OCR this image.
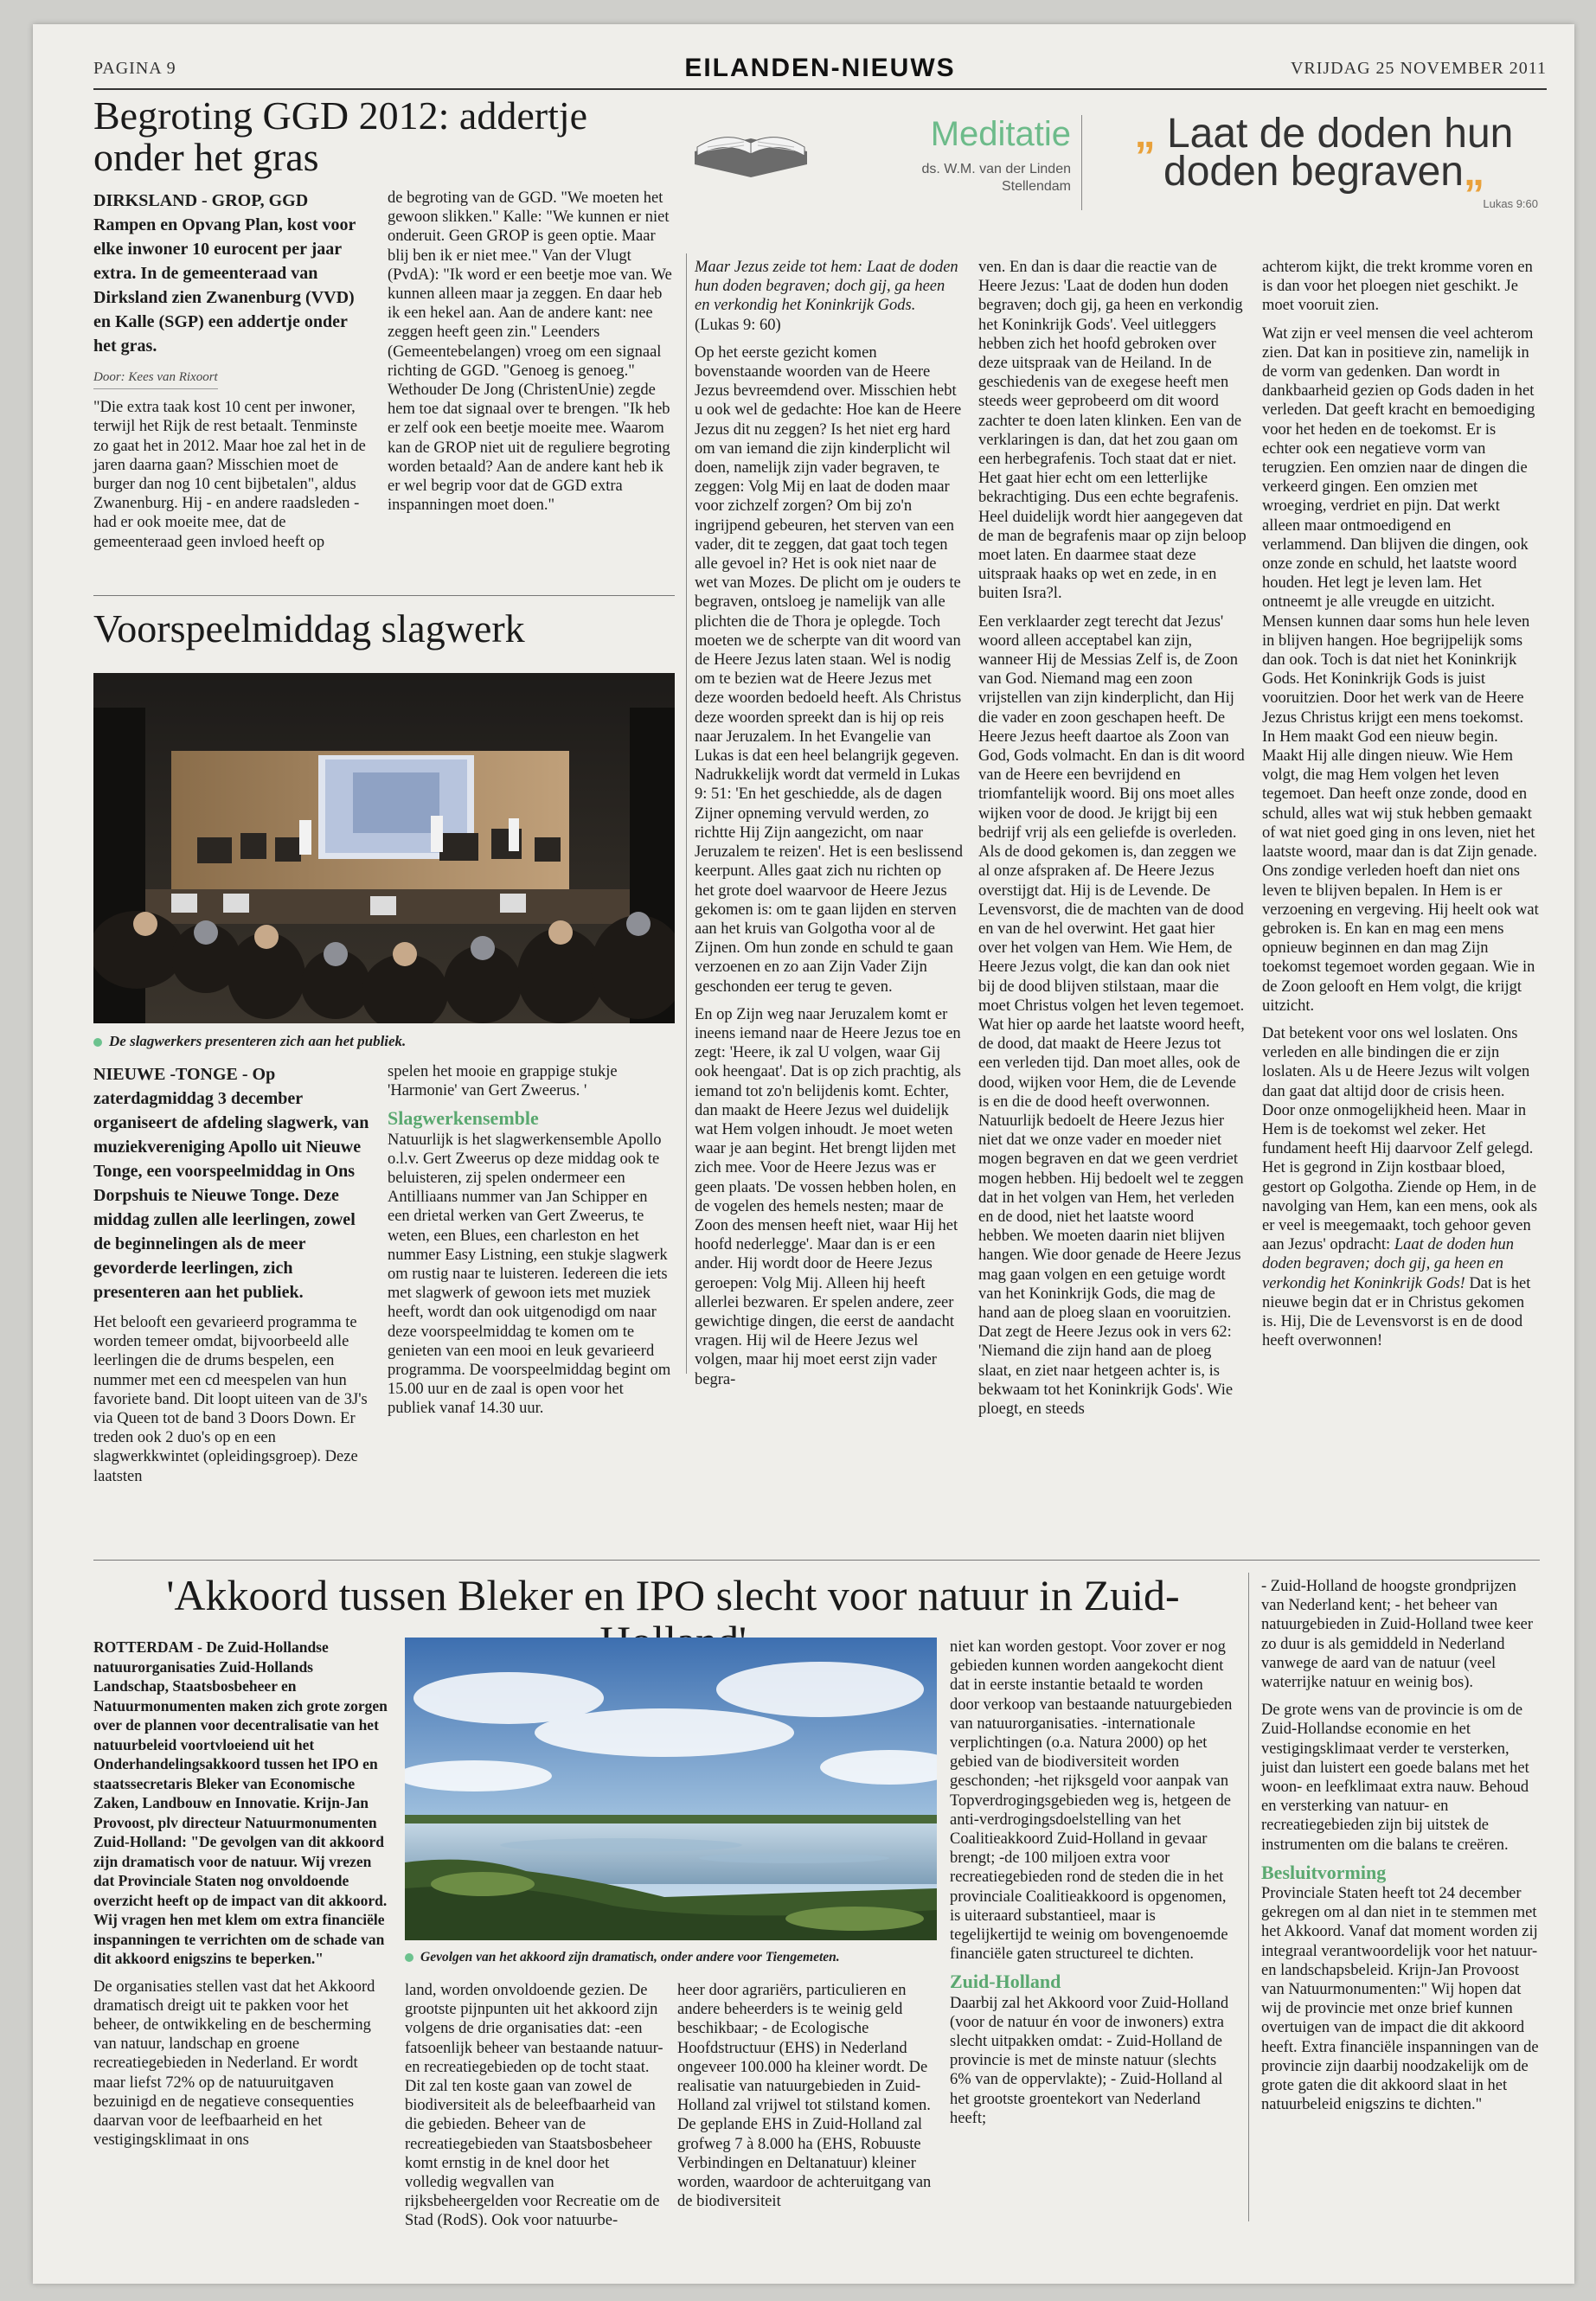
PAGINA 9	EILANDEN-NIEUWS	VRIJDAG 25 NOVEMBER 2011
Begroting GGD 2012: addertje onder het gras

DIRKSLAND - GROP, GGD Rampen en Opvang Plan, kost voor elke inwoner 10 eurocent per jaar extra. In de gemeenteraad van Dirksland zien Zwanenburg (VVD) en Kalle (SGP) een addertje onder het gras.

Door: Kees van Rixoort

"Die extra taak kost 10 cent per inwoner, terwijl het Rijk de rest betaalt. Tenminste zo gaat het in 2012. Maar hoe zal het in de jaren daarna gaan? Misschien moet de burger dan nog 10 cent bijbetalen", aldus Zwanenburg. Hij - en andere raadsleden - had er ook moeite mee, dat de gemeenteraad geen invloed heeft op

de begroting van de GGD. "We moeten het gewoon slikken." Kalle: "We kunnen er niet onderuit. Geen GROP is geen optie. Maar blij ben ik er niet mee." Van der Vlugt (PvdA): "Ik word er een beetje moe van. We kunnen alleen maar ja zeggen. En daar heb ik een hekel aan. Aan de andere kant: nee zeggen heeft geen zin." Leenders (Gemeentebelangen) vroeg om een signaal richting de GGD. "Genoeg is genoeg." Wethouder De Jong (ChristenUnie) zegde hem toe dat signaal over te brengen. "Ik heb er zelf ook een beetje moeite mee. Waarom kan de GROP niet uit de reguliere begroting worden betaald? Aan de andere kant heb ik er wel begrip voor dat de GGD extra inspanningen moet doen."

Voorspeelmiddag slagwerk
De slagwerkers presenteren zich aan het publiek.

NIEUWE -TONGE - Op zaterdagmiddag 3 december organiseert de afdeling slagwerk, van muziekvereniging Apollo uit Nieuwe Tonge, een voorspeelmiddag in Ons Dorpshuis te Nieuwe Tonge. Deze middag zullen alle leerlingen, zowel de beginnelingen als de meer gevorderde leerlingen, zich presenteren aan het publiek.

Het belooft een gevarieerd programma te worden temeer omdat, bijvoorbeeld alle leerlingen die de drums bespelen, een nummer met een cd meespelen van hun favoriete band. Dit loopt uiteen van de 3J's via Queen tot de band 3 Doors Down. Er treden ook 2 duo's op en een slagwerkkwintet (opleidingsgroep). Deze laatsten

spelen het mooie en grappige stukje 'Harmonie' van Gert Zweerus. '

Slagwerkensemble

Natuurlijk is het slagwerkensemble Apollo o.l.v. Gert Zweerus op deze middag ook te beluisteren, zij spelen ondermeer een Antilliaans nummer van Jan Schipper en een drietal werken van Gert Zweerus, te weten, een Blues, een charleston en het nummer Easy Listning, een stukje slagwerk om rustig naar te luisteren. Iedereen die iets met slagwerk of gewoon iets met muziek heeft, wordt dan ook uitgenodigd om naar deze voorspeelmiddag te komen om te genieten van een mooi en leuk gevarieerd programma. De voorspeelmiddag begint om 15.00 uur en de zaal is open voor het publiek vanaf 14.30 uur.

Meditatie
ds. W.M. van der Linden
Stellendam
„ Laat de doden hun
doden begraven„
Lukas 9:60

Maar Jezus zeide tot hem: Laat de doden hun doden begraven; doch gij, ga heen en verkondig het Koninkrijk Gods.

(Lukas 9: 60)

Op het eerste gezicht komen bovenstaande woorden van de Heere Jezus bevreemdend over. Misschien hebt u ook wel de gedachte: Hoe kan de Heere Jezus dit nu zeggen? Is het niet erg hard om van iemand die zijn kinderplicht wil doen, namelijk zijn vader begraven, te zeggen: Volg Mij en laat de doden maar voor zichzelf zorgen? Om bij zo'n ingrijpend gebeuren, het sterven van een vader, dit te zeggen, dat gaat toch tegen alle gevoel in? Het is ook niet naar de wet van Mozes. De plicht om je ouders te begraven, ontsloeg je namelijk van alle plichten die de Thora je oplegde. Toch moeten we de scherpte van dit woord van de Heere Jezus laten staan. Wel is nodig om te bezien wat de Heere Jezus met deze woorden bedoeld heeft. Als Christus deze woorden spreekt dan is hij op reis naar Jeruzalem. In het Evangelie van Lukas is dat een heel belangrijk gegeven. Nadrukkelijk wordt dat vermeld in Lukas 9: 51: 'En het geschiedde, als de dagen Zijner opneming vervuld werden, zo richtte Hij Zijn aangezicht, om naar Jeruzalem te reizen'. Het is een beslissend keerpunt. Alles gaat zich nu richten op het grote doel waarvoor de Heere Jezus gekomen is: om te gaan lijden en sterven aan het kruis van Golgotha voor al de Zijnen. Om hun zonde en schuld te gaan verzoenen en zo aan Zijn Vader Zijn geschonden eer terug te geven.

En op Zijn weg naar Jeruzalem komt er ineens iemand naar de Heere Jezus toe en zegt: 'Heere, ik zal U volgen, waar Gij ook heengaat'. Dat is op zich prachtig, als iemand tot zo'n belijdenis komt. Echter, dan maakt de Heere Jezus wel duidelijk wat Hem volgen inhoudt. Je moet weten waar je aan begint. Het brengt lijden met zich mee. Voor de Heere Jezus was er geen plaats. 'De vossen hebben holen, en de vogelen des hemels nesten; maar de Zoon des mensen heeft niet, waar Hij het hoofd nederlegge'. Maar dan is er een ander. Hij wordt door de Heere Jezus geroepen: Volg Mij. Alleen hij heeft allerlei bezwaren. Er spelen andere, zeer gewichtige dingen, die eerst de aandacht vragen. Hij wil de Heere Jezus wel volgen, maar hij moet eerst zijn vader begra-

ven. En dan is daar die reactie van de Heere Jezus: 'Laat de doden hun doden begraven; doch gij, ga heen en verkondig het Koninkrijk Gods'. Veel uitleggers hebben zich het hoofd gebroken over deze uitspraak van de Heiland. In de geschiedenis van de exegese heeft men steeds weer geprobeerd om dit woord zachter te doen laten klinken. Een van de verklaringen is dan, dat het zou gaan om een herbegrafenis. Toch staat dat er niet. Het gaat hier echt om een letterlijke bekrachtiging. Dus een echte begrafenis. Heel duidelijk wordt hier aangegeven dat de man de begrafenis maar op zijn beloop moet laten. En daarmee staat deze uitspraak haaks op wet en zede, in en buiten Isra?l.

Een verklaarder zegt terecht dat Jezus' woord alleen acceptabel kan zijn, wanneer Hij de Messias Zelf is, de Zoon van God. Niemand mag een zoon vrijstellen van zijn kinderplicht, dan Hij die vader en zoon geschapen heeft. De Heere Jezus heeft daartoe als Zoon van God, Gods volmacht. En dan is dit woord van de Heere een bevrijdend en triomfantelijk woord. Bij ons moet alles wijken voor de dood. Je krijgt bij een bedrijf vrij als een geliefde is overleden. Als de dood gekomen is, dan zeggen we al onze afspraken af. De Heere Jezus overstijgt dat. Hij is de Levende. De Levensvorst, die de machten van de dood en van de hel overwint. Het gaat hier over het volgen van Hem. Wie Hem, de Heere Jezus volgt, die kan dan ook niet bij de dood blijven stilstaan, maar die moet Christus volgen het leven tegemoet. Wat hier op aarde het laatste woord heeft, de dood, dat maakt de Heere Jezus tot een verleden tijd. Dan moet alles, ook de dood, wijken voor Hem, die de Levende is en die de dood heeft overwonnen. Natuurlijk bedoelt de Heere Jezus hier niet dat we onze vader en moeder niet mogen begraven en dat we geen verdriet mogen hebben. Hij bedoelt wel te zeggen dat in het volgen van Hem, het verleden en de dood, niet het laatste woord hebben. We moeten daarin niet blijven hangen. Wie door genade de Heere Jezus mag gaan volgen en een getuige wordt van het Koninkrijk Gods, die mag de hand aan de ploeg slaan en vooruitzien. Dat zegt de Heere Jezus ook in vers 62: 'Niemand die zijn hand aan de ploeg slaat, en ziet naar hetgeen achter is, is bekwaam tot het Koninkrijk Gods'. Wie ploegt, en steeds

achterom kijkt, die trekt kromme voren en is dan voor het ploegen niet geschikt. Je moet vooruit zien.

Wat zijn er veel mensen die veel achterom zien. Dat kan in positieve zin, namelijk in de vorm van gedenken. Dan wordt in dankbaarheid gezien op Gods daden in het verleden. Dat geeft kracht en bemoediging voor het heden en de toekomst. Er is echter ook een negatieve vorm van terugzien. Een omzien naar de dingen die verkeerd gingen. Een omzien met wroeging, verdriet en pijn. Dat werkt alleen maar ontmoedigend en verlammend. Dan blijven die dingen, ook onze zonde en schuld, het laatste woord houden. Het legt je leven lam. Het ontneemt je alle vreugde en uitzicht. Mensen kunnen daar soms hun hele leven in blijven hangen. Hoe begrijpelijk soms dan ook. Toch is dat niet het Koninkrijk Gods. Het Koninkrijk Gods is juist vooruitzien. Door het werk van de Heere Jezus Christus krijgt een mens toekomst. In Hem maakt God een nieuw begin. Maakt Hij alle dingen nieuw. Wie Hem volgt, die mag Hem volgen het leven tegemoet. Dan heeft onze zonde, dood en schuld, alles wat wij stuk hebben gemaakt of wat niet goed ging in ons leven, niet het laatste woord, maar dan is dat Zijn genade. Ons zondige verleden hoeft dan niet ons leven te blijven bepalen. In Hem is er verzoening en vergeving. Hij heelt ook wat gebroken is. En kan en mag een mens opnieuw beginnen en dan mag Zijn toekomst tegemoet worden gegaan. Wie in de Zoon gelooft en Hem volgt, die krijgt uitzicht.

Dat betekent voor ons wel loslaten. Ons verleden en alle bindingen die er zijn loslaten. Als u de Heere Jezus wilt volgen dan gaat dat altijd door de crisis heen. Door onze onmogelijkheid heen. Maar in Hem is de toekomst wel zeker. Het fundament heeft Hij daarvoor Zelf gelegd. Het is gegrond in Zijn kostbaar bloed, gestort op Golgotha. Ziende op Hem, in de navolging van Hem, kan een mens, ook als er veel is meegemaakt, toch gehoor geven aan Jezus' opdracht: Laat de doden hun doden begraven; doch gij, ga heen en verkondig het Koninkrijk Gods! Dat is het nieuwe begin dat er in Christus gekomen is. Hij, Die de Levensvorst is en de dood heeft overwonnen!

'Akkoord tussen Bleker en IPO slecht voor natuur in Zuid-

ROTTERDAM - De Zuid-Hollandse natuurorganisaties Zuid-Hollands Landschap, Staatsbosbeheer en Natuurmonumenten maken zich grote zorgen over de plannen voor decentralisatie van het natuurbeleid voortvloeiend uit het Onderhandelingsakkoord tussen het IPO en staatssecretaris Bleker van Economische Zaken, Landbouw en Innovatie. Krijn-Jan Provoost, plv directeur Natuurmonumenten Zuid-Holland: "De gevolgen van dit akkoord zijn dramatisch voor de natuur. Wij vrezen dat Provinciale Staten nog onvoldoende overzicht heeft op de impact van dit akkoord. Wij vragen hen met klem om extra financiële inspanningen te verrichten om de schade van dit akkoord enigszins te beperken."

De organisaties stellen vast dat het Akkoord dramatisch dreigt uit te pakken voor het beheer, de ontwikkeling en de bescherming van natuur, landschap en groene recreatiegebieden in Nederland. Er wordt maar liefst 72% op de natuuruitgaven bezuinigd en de negatieve consequenties daarvan voor de leefbaarheid en het vestigingsklimaat in ons

Gevolgen van het akkoord zijn dramatisch, onder andere voor Tiengemeten.

land, worden onvoldoende gezien. De grootste pijnpunten uit het akkoord zijn volgens de drie organisaties dat: -een fatsoenlijk beheer van bestaande natuur- en recreatiegebieden op de tocht staat. Dit zal ten koste gaan van zowel de biodiversiteit als de beleefbaarheid van die gebieden. Beheer van de recreatiegebieden van Staatsbosbeheer komt ernstig in de knel door het volledig wegvallen van rijksbeheergelden voor Recreatie om de Stad (RodS). Ook voor natuurbe-

heer door agrariërs, particulieren en andere beheerders is te weinig geld beschikbaar; - de Ecologische Hoofdstructuur (EHS) in Nederland ongeveer 100.000 ha kleiner wordt. De realisatie van natuurgebieden in Zuid-Holland zal vrijwel tot stilstand komen. De geplande EHS in Zuid-Holland zal grofweg 7 à 8.000 ha (EHS, Robuuste Verbindingen en Deltanatuur) kleiner worden, waardoor de achteruitgang van de biodiversiteit

niet kan worden gestopt. Voor zover er nog gebieden kunnen worden aangekocht dient dat in eerste instantie betaald te worden door verkoop van bestaande natuurgebieden van natuurorganisaties. -internationale verplichtingen (o.a. Natura 2000) op het gebied van de biodiversiteit worden geschonden; -het rijksgeld voor aanpak van Topverdrogingsgebieden weg is, hetgeen de anti-verdrogingsdoelstelling van het Coalitieakkoord Zuid-Holland in gevaar brengt; -de 100 miljoen extra voor recreatiegebieden rond de steden die in het provinciale Coalitieakkoord is opgenomen, is uiteraard substantieel, maar is tegelijkertijd te weinig om bovengenoemde financiële gaten structureel te dichten.

Zuid-Holland

Daarbij zal het Akkoord voor Zuid-Holland (voor de natuur én voor de inwoners) extra slecht uitpakken omdat: - Zuid-Holland de provincie is met de minste natuur (slechts 6% van de oppervlakte); - Zuid-Holland al het grootste groentekort van Nederland heeft;

- Zuid-Holland de hoogste grondprijzen van Nederland kent; - het beheer van natuurgebieden in Zuid-Holland twee keer zo duur is als gemiddeld in Nederland vanwege de aard van de natuur (veel waterrijke natuur en weinig bos).

De grote wens van de provincie is om de Zuid-Hollandse economie en het vestigingsklimaat verder te versterken, juist dan luistert een goede balans met het woon- en leefklimaat extra nauw. Behoud en versterking van natuur- en recreatiegebieden zijn bij uitstek de instrumenten om die balans te creëren.

Besluitvorming

Provinciale Staten heeft tot 24 december gekregen om al dan niet in te stemmen met het Akkoord. Vanaf dat moment worden zij integraal verantwoordelijk voor het natuur- en landschapsbeleid. Krijn-Jan Provoost van Natuurmonumenten:" Wij hopen dat wij de provincie met onze brief kunnen overtuigen van de impact die dit akkoord heeft. Extra financiële inspanningen van de provincie zijn daarbij noodzakelijk om de grote gaten die dit akkoord slaat in het natuurbeleid enigszins te dichten."
